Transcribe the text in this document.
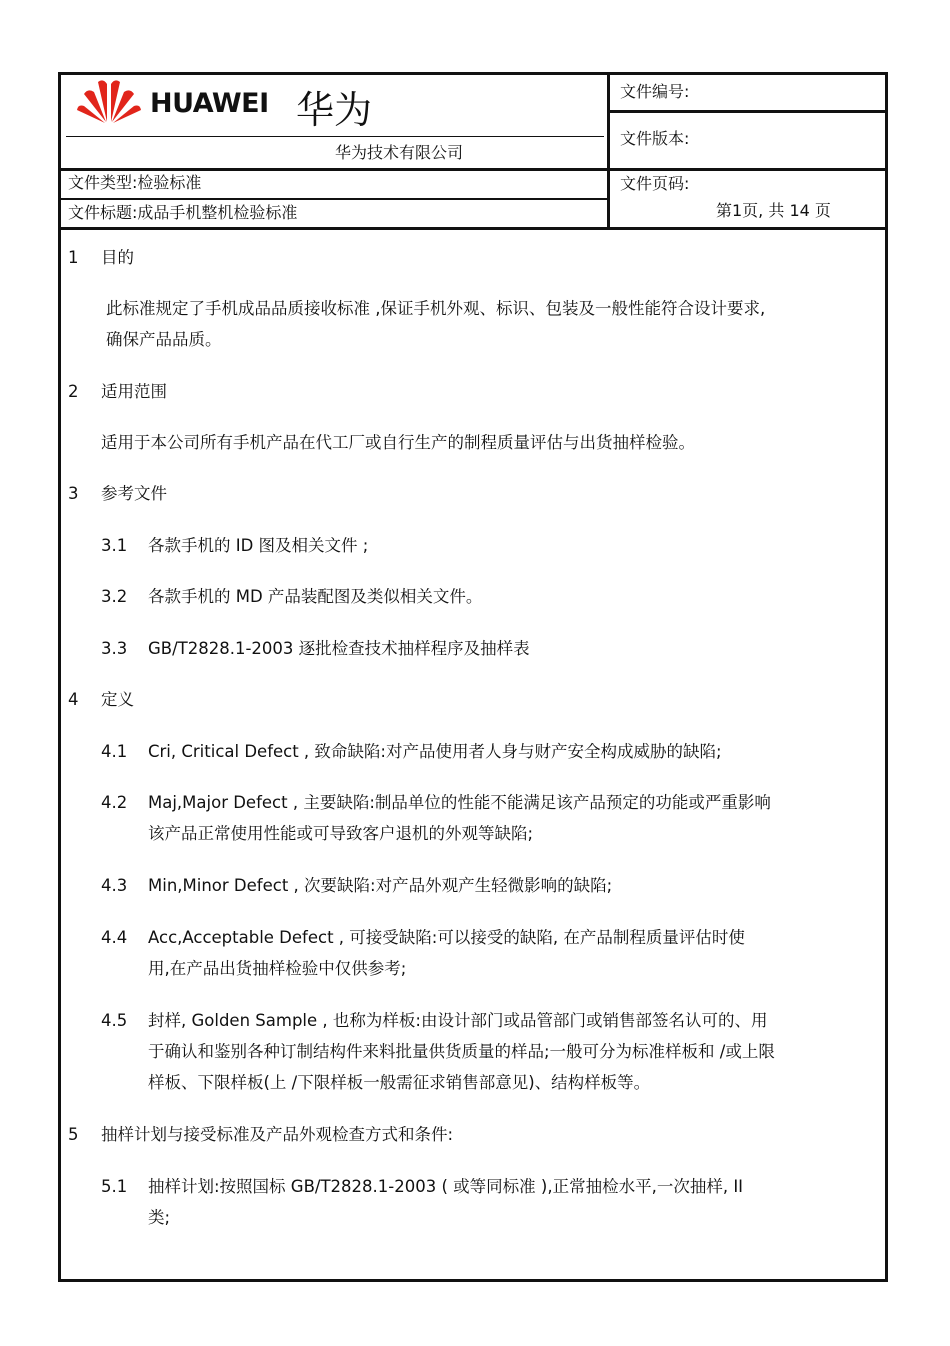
HUAWEI 华为
华为技术有限公司
文件编号:
文件版本:
文件页码:
第1页, 共 14 页
文件类型:检验标准
文件标题:成品手机整机检验标准
1 目的
此标准规定了手机成品品质接收标准 ,保证手机外观、标识、包装及一般性能符合设计要求,
确保产品品质。
2 适用范围
适用于本公司所有手机产品在代工厂或自行生产的制程质量评估与出货抽样检验。
3 参考文件
3.1 各款手机的 ID 图及相关文件 ;
3.2 各款手机的 MD 产品装配图及类似相关文件。
3.3 GB/T2828.1-2003 逐批检查技术抽样程序及抽样表
4 定义
4.1 Cri, Critical Defect , 致命缺陷:对产品使用者人身与财产安全构成威胁的缺陷;
4.2 Maj,Major Defect , 主要缺陷:制品单位的性能不能满足该产品预定的功能或严重影响
该产品正常使用性能或可导致客户退机的外观等缺陷;
4.3 Min,Minor Defect , 次要缺陷:对产品外观产生轻微影响的缺陷;
4.4 Acc,Acceptable Defect , 可接受缺陷:可以接受的缺陷, 在产品制程质量评估时使
用,在产品出货抽样检验中仅供参考;
4.5 封样, Golden Sample , 也称为样板:由设计部门或品管部门或销售部签名认可的、用
于确认和鉴别各种订制结构件来料批量供货质量的样品;一般可分为标准样板和 /或上限
样板、下限样板(上 /下限样板一般需征求销售部意见)、结构样板等。
5 抽样计划与接受标准及产品外观检查方式和条件:
5.1 抽样计划:按照国标 GB/T2828.1-2003 ( 或等同标准 ),正常抽检水平,一次抽样, II
类;
